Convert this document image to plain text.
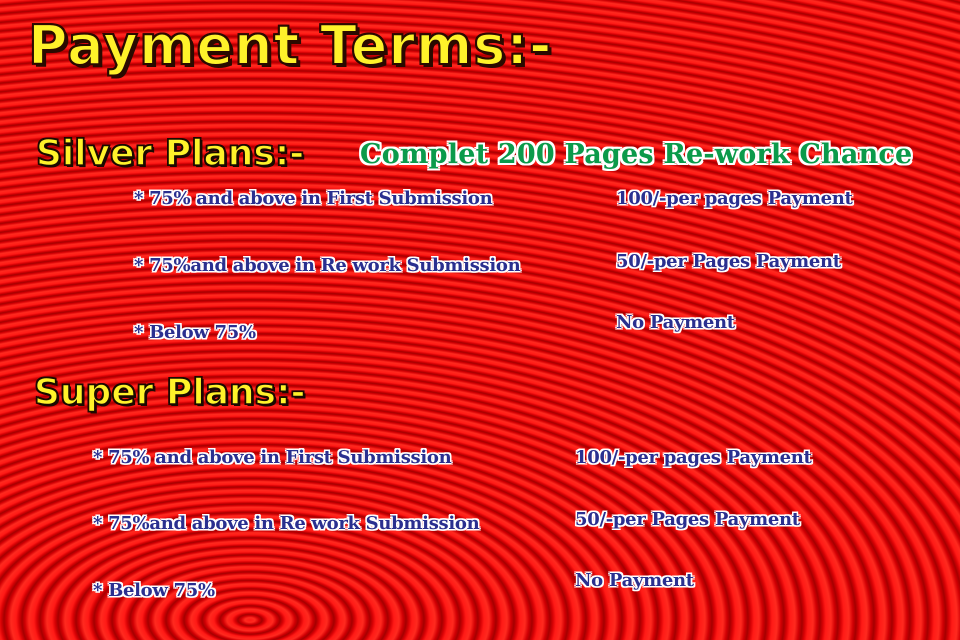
Payment Terms:-
Silver Plans:- Complet 200 Pages Re-work Chance
* 75% and above in First Submission	100/-per pages Payment
* 75%and above in Re work Submission	50/-per Pages Payment
* Below 75%	No Payment
Super Plans:-
* 75% and above in First Submission	100/-per pages Payment
* 75%and above in Re work Submission	50/-per Pages Payment
* Below 75%	No Payment
